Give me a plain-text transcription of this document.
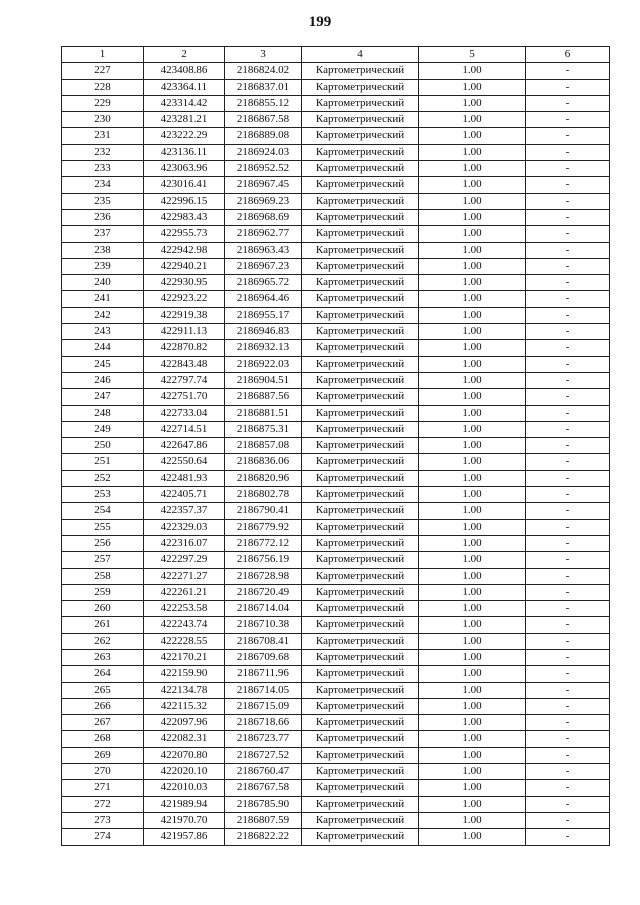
199
1	2	3	4	5	6
227	423408.86	2186824.02	Картометрический	1.00	-
228	423364.11	2186837.01	Картометрический	1.00	-
229	423314.42	2186855.12	Картометрический	1.00	-
230	423281.21	2186867.58	Картометрический	1.00	-
231	423222.29	2186889.08	Картометрический	1.00	-
232	423136.11	2186924.03	Картометрический	1.00	-
233	423063.96	2186952.52	Картометрический	1.00	-
234	423016.41	2186967.45	Картометрический	1.00	-
235	422996.15	2186969.23	Картометрический	1.00	-
236	422983.43	2186968.69	Картометрический	1.00	-
237	422955.73	2186962.77	Картометрический	1.00	-
238	422942.98	2186963.43	Картометрический	1.00	-
239	422940.21	2186967.23	Картометрический	1.00	-
240	422930.95	2186965.72	Картометрический	1.00	-
241	422923.22	2186964.46	Картометрический	1.00	-
242	422919.38	2186955.17	Картометрический	1.00	-
243	422911.13	2186946.83	Картометрический	1.00	-
244	422870.82	2186932.13	Картометрический	1.00	-
245	422843.48	2186922.03	Картометрический	1.00	-
246	422797.74	2186904.51	Картометрический	1.00	-
247	422751.70	2186887.56	Картометрический	1.00	-
248	422733.04	2186881.51	Картометрический	1.00	-
249	422714.51	2186875.31	Картометрический	1.00	-
250	422647.86	2186857.08	Картометрический	1.00	-
251	422550.64	2186836.06	Картометрический	1.00	-
252	422481.93	2186820.96	Картометрический	1.00	-
253	422405.71	2186802.78	Картометрический	1.00	-
254	422357.37	2186790.41	Картометрический	1.00	-
255	422329.03	2186779.92	Картометрический	1.00	-
256	422316.07	2186772.12	Картометрический	1.00	-
257	422297.29	2186756.19	Картометрический	1.00	-
258	422271.27	2186728.98	Картометрический	1.00	-
259	422261.21	2186720.49	Картометрический	1.00	-
260	422253.58	2186714.04	Картометрический	1.00	-
261	422243.74	2186710.38	Картометрический	1.00	-
262	422228.55	2186708.41	Картометрический	1.00	-
263	422170.21	2186709.68	Картометрический	1.00	-
264	422159.90	2186711.96	Картометрический	1.00	-
265	422134.78	2186714.05	Картометрический	1.00	-
266	422115.32	2186715.09	Картометрический	1.00	-
267	422097.96	2186718.66	Картометрический	1.00	-
268	422082.31	2186723.77	Картометрический	1.00	-
269	422070.80	2186727.52	Картометрический	1.00	-
270	422020.10	2186760.47	Картометрический	1.00	-
271	422010.03	2186767.58	Картометрический	1.00	-
272	421989.94	2186785.90	Картометрический	1.00	-
273	421970.70	2186807.59	Картометрический	1.00	-
274	421957.86	2186822.22	Картометрический	1.00	-
